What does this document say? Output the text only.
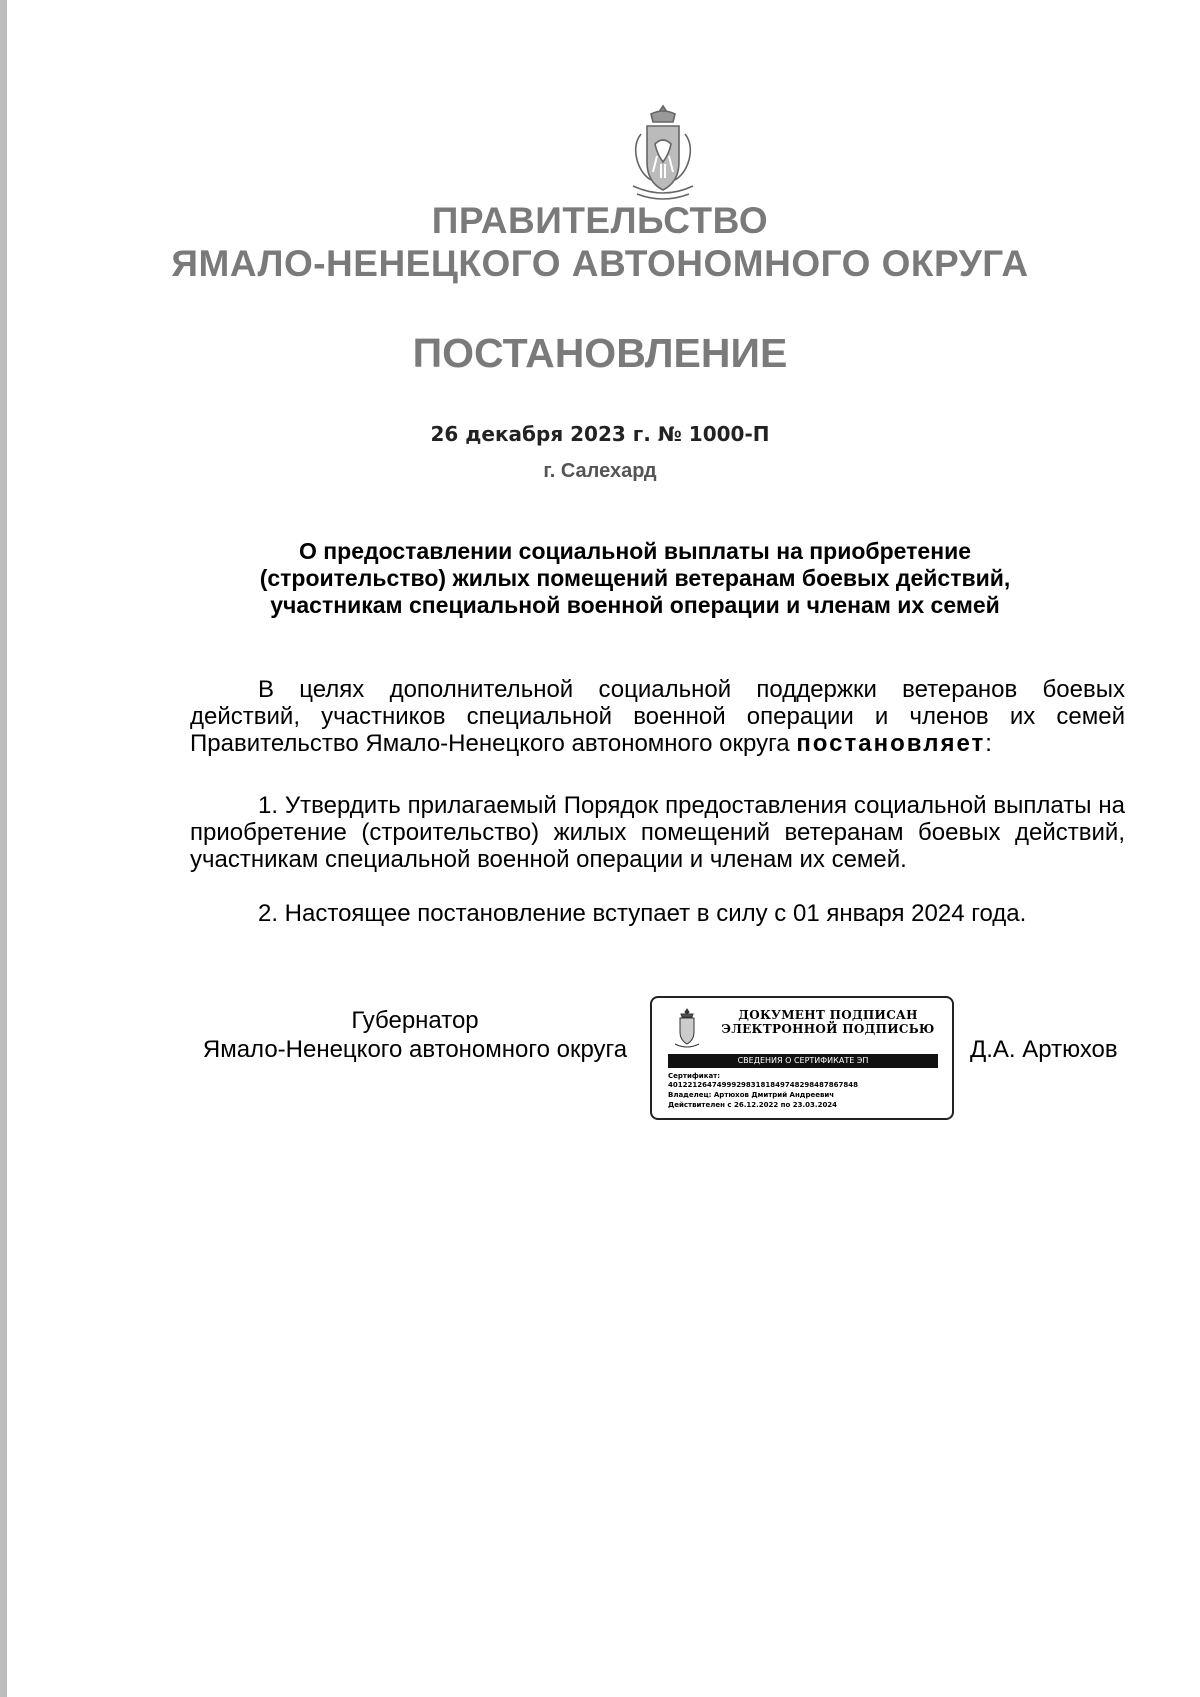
ПРАВИТЕЛЬСТВО
ЯМАЛО-НЕНЕЦКОГО АВТОНОМНОГО ОКРУГА
ПОСТАНОВЛЕНИЕ
26 декабря 2023 г. № 1000-П
г. Салехард
О предоставлении социальной выплаты на приобретение
(строительство) жилых помещений ветеранам боевых действий,
участникам специальной военной операции и членам их семей
В целях дополнительной социальной поддержки ветеранов боевых действий, участников специальной военной операции и членов их семей Правительство Ямало-Ненецкого автономного округа постановляет:
1. Утвердить прилагаемый Порядок предоставления социальной выплаты на приобретение (строительство) жилых помещений ветеранам боевых действий, участникам специальной военной операции и членам их семей.
2. Настоящее постановление вступает в силу с 01 января 2024 года.
Губернатор
Ямало-Ненецкого автономного округа
ДОКУМЕНТ ПОДПИСАН
ЭЛЕКТРОННОЙ ПОДПИСЬЮ
СВЕДЕНИЯ О СЕРТИФИКАТЕ ЭП
Сертификат:
401221264749992983181849748298487867848
Владелец: Артюхов Дмитрий Андреевич
Действителен с 26.12.2022 по 23.03.2024
Д.А. Артюхов
